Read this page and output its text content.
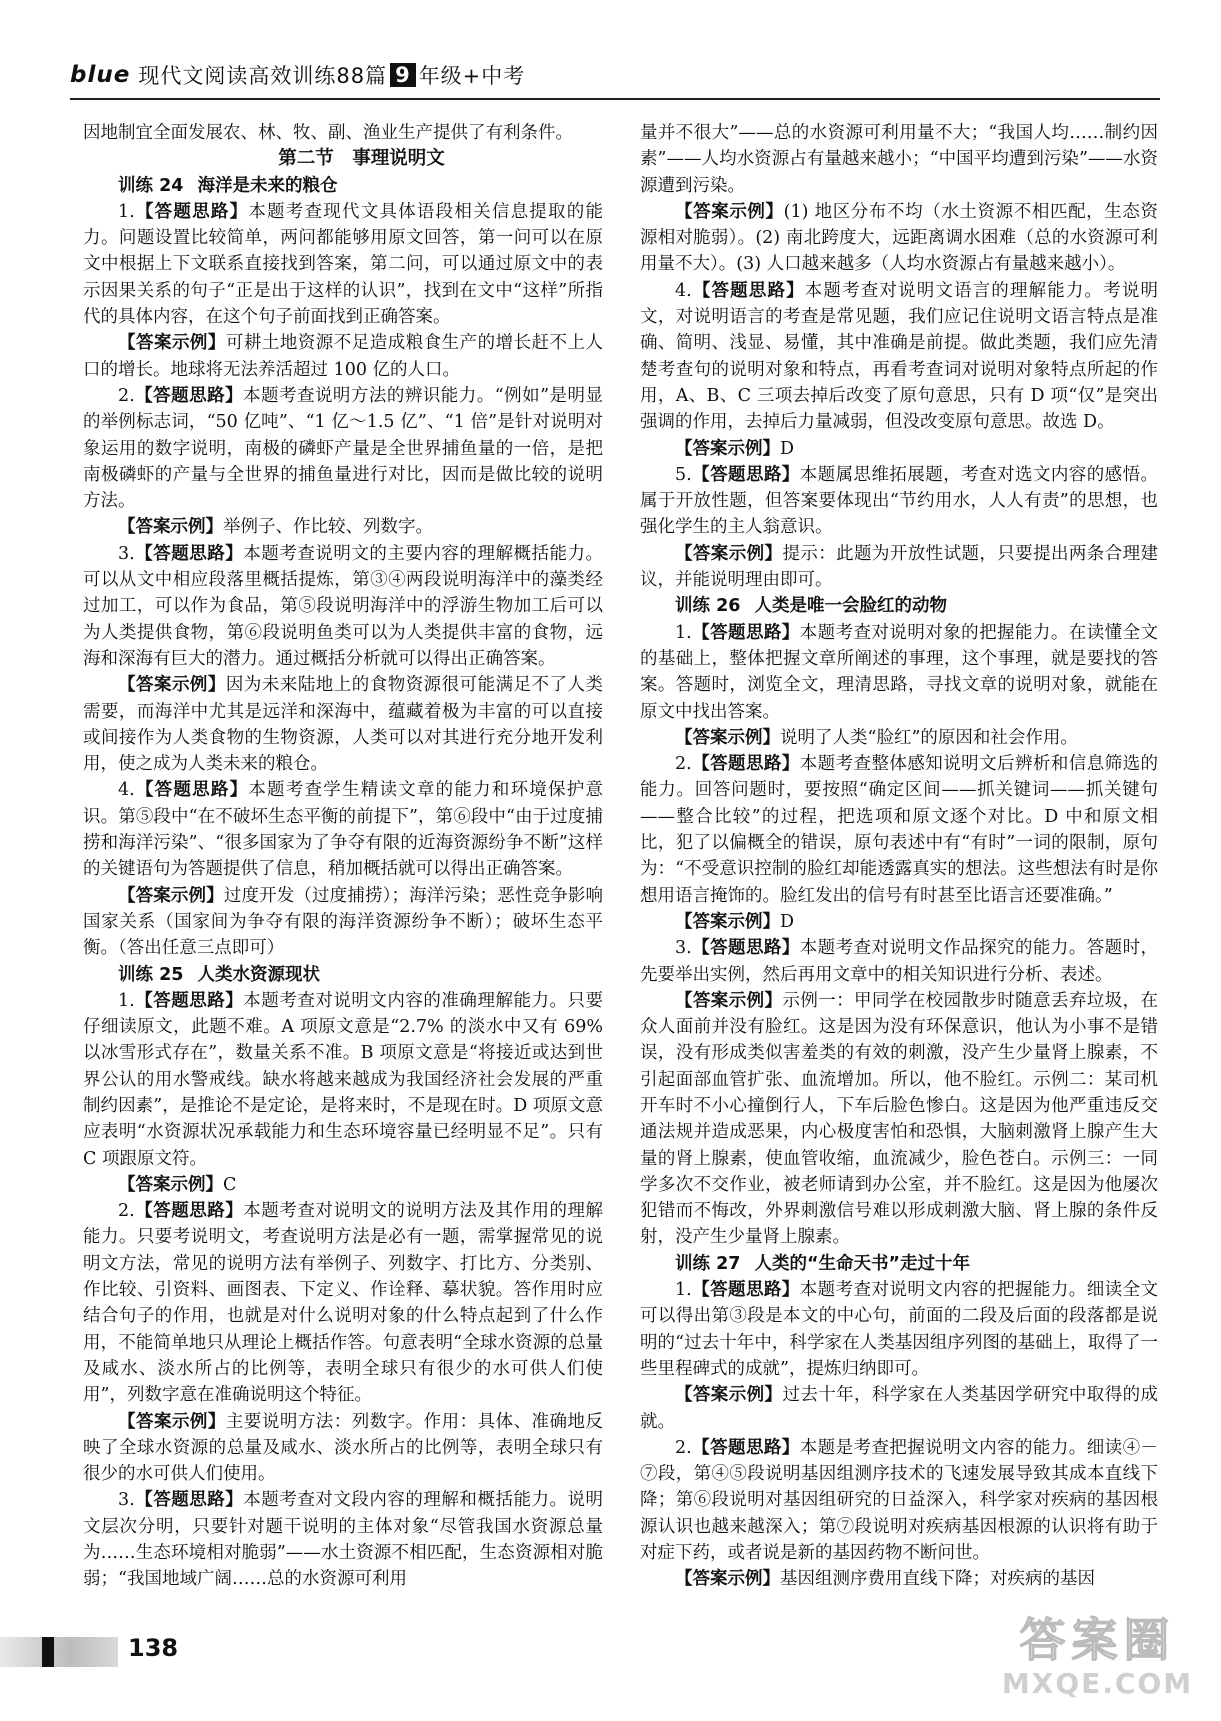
blue 现代文阅读高效训练88篇 9 年级+中考

因地制宜全面发展农、林、牧、副、渔业生产提供了有利条件。

第二节　事理说明文

训练 24 海洋是未来的粮仓

1.【答题思路】本题考查现代文具体语段相关信息提取的能力。问题设置比较简单，两问都能够用原文回答，第一问可以在原文中根据上下文联系直接找到答案，第二问，可以通过原文中的表示因果关系的句子“正是出于这样的认识”，找到在文中“这样”所指代的具体内容，在这个句子前面找到正确答案。

【答案示例】可耕土地资源不足造成粮食生产的增长赶不上人口的增长。地球将无法养活超过 100 亿的人口。

2.【答题思路】本题考查说明方法的辨识能力。“例如”是明显的举例标志词，“50 亿吨”、“1 亿～1.5 亿”、“1 倍”是针对说明对象运用的数字说明，南极的磷虾产量是全世界捕鱼量的一倍，是把南极磷虾的产量与全世界的捕鱼量进行对比，因而是做比较的说明方法。

【答案示例】举例子、作比较、列数字。

3.【答题思路】本题考查说明文的主要内容的理解概括能力。可以从文中相应段落里概括提炼，第③④两段说明海洋中的藻类经过加工，可以作为食品，第⑤段说明海洋中的浮游生物加工后可以为人类提供食物，第⑥段说明鱼类可以为人类提供丰富的食物，远海和深海有巨大的潜力。通过概括分析就可以得出正确答案。

【答案示例】因为未来陆地上的食物资源很可能满足不了人类需要，而海洋中尤其是远洋和深海中，蕴藏着极为丰富的可以直接或间接作为人类食物的生物资源，人类可以对其进行充分地开发利用，使之成为人类未来的粮仓。

4.【答题思路】本题考查学生精读文章的能力和环境保护意识。第⑤段中“在不破坏生态平衡的前提下”，第⑥段中“由于过度捕捞和海洋污染”、“很多国家为了争夺有限的近海资源纷争不断”这样的关键语句为答题提供了信息，稍加概括就可以得出正确答案。

【答案示例】过度开发（过度捕捞）；海洋污染；恶性竞争影响国家关系（国家间为争夺有限的海洋资源纷争不断）；破坏生态平衡。（答出任意三点即可）

训练 25 人类水资源现状

1.【答题思路】本题考查对说明文内容的准确理解能力。只要仔细读原文，此题不难。A 项原文意是“2.7% 的淡水中又有 69% 以冰雪形式存在”，数量关系不准。B 项原文意是“将接近或达到世界公认的用水警戒线。缺水将越来越成为我国经济社会发展的严重制约因素”，是推论不是定论，是将来时，不是现在时。D 项原文意应表明“水资源状况承载能力和生态环境容量已经明显不足”。只有 C 项跟原文符。

【答案示例】C

2.【答题思路】本题考查对说明文的说明方法及其作用的理解能力。只要考说明文，考查说明方法是必有一题，需掌握常见的说明文方法，常见的说明方法有举例子、列数字、打比方、分类别、作比较、引资料、画图表、下定义、作诠释、摹状貌。答作用时应结合句子的作用，也就是对什么说明对象的什么特点起到了什么作用，不能简单地只从理论上概括作答。句意表明“全球水资源的总量及咸水、淡水所占的比例等，表明全球只有很少的水可供人们使用”，列数字意在准确说明这个特征。

【答案示例】主要说明方法：列数字。作用：具体、准确地反映了全球水资源的总量及咸水、淡水所占的比例等，表明全球只有很少的水可供人们使用。

3.【答题思路】本题考查对文段内容的理解和概括能力。说明文层次分明，只要针对题干说明的主体对象“尽管我国水资源总量为……生态环境相对脆弱”——水土资源不相匹配，生态资源相对脆弱；“我国地域广阔……总的水资源可利用

量并不很大”——总的水资源可利用量不大；“我国人均……制约因素”——人均水资源占有量越来越小；“中国平均遭到污染”——水资源遭到污染。

【答案示例】(1) 地区分布不均（水土资源不相匹配，生态资源相对脆弱）。(2) 南北跨度大，远距离调水困难（总的水资源可利用量不大）。(3) 人口越来越多（人均水资源占有量越来越小）。

4.【答题思路】本题考查对说明文语言的理解能力。考说明文，对说明语言的考查是常见题，我们应记住说明文语言特点是准确、简明、浅显、易懂，其中准确是前提。做此类题，我们应先清楚考查句的说明对象和特点，再看考查词对说明对象特点所起的作用，A、B、C 三项去掉后改变了原句意思，只有 D 项“仅”是突出强调的作用，去掉后力量减弱，但没改变原句意思。故选 D。

【答案示例】D

5.【答题思路】本题属思维拓展题，考查对选文内容的感悟。属于开放性题，但答案要体现出“节约用水，人人有责”的思想，也强化学生的主人翁意识。

【答案示例】提示：此题为开放性试题，只要提出两条合理建议，并能说明理由即可。

训练 26 人类是唯一会脸红的动物

1.【答题思路】本题考查对说明对象的把握能力。在读懂全文的基础上，整体把握文章所阐述的事理，这个事理，就是要找的答案。答题时，浏览全文，理清思路，寻找文章的说明对象，就能在原文中找出答案。

【答案示例】说明了人类“脸红”的原因和社会作用。

2.【答题思路】本题考查整体感知说明文后辨析和信息筛选的能力。回答问题时，要按照“确定区间——抓关键词——抓关键句——整合比较”的过程，把选项和原文逐个对比。D 中和原文相比，犯了以偏概全的错误，原句表述中有“有时”一词的限制，原句为：“不受意识控制的脸红却能透露真实的想法。这些想法有时是你想用语言掩饰的。脸红发出的信号有时甚至比语言还要准确。”

【答案示例】D

3.【答题思路】本题考查对说明文作品探究的能力。答题时，先要举出实例，然后再用文章中的相关知识进行分析、表述。

【答案示例】示例一：甲同学在校园散步时随意丢弃垃圾，在众人面前并没有脸红。这是因为没有环保意识，他认为小事不是错误，没有形成类似害羞类的有效的刺激，没产生少量肾上腺素，不引起面部血管扩张、血流增加。所以，他不脸红。示例二：某司机开车时不小心撞倒行人，下车后脸色惨白。这是因为他严重违反交通法规并造成恶果，内心极度害怕和恐惧，大脑刺激肾上腺产生大量的肾上腺素，使血管收缩，血流减少，脸色苍白。示例三：一同学多次不交作业，被老师请到办公室，并不脸红。这是因为他屡次犯错而不悔改，外界刺激信号难以形成刺激大脑、肾上腺的条件反射，没产生少量肾上腺素。

训练 27 人类的“生命天书”走过十年

1.【答题思路】本题考查对说明文内容的把握能力。细读全文可以得出第③段是本文的中心句，前面的二段及后面的段落都是说明的“过去十年中，科学家在人类基因组序列图的基础上，取得了一些里程碑式的成就”，提炼归纳即可。

【答案示例】过去十年，科学家在人类基因学研究中取得的成就。

2.【答题思路】本题是考查把握说明文内容的能力。细读④－⑦段，第④⑤段说明基因组测序技术的飞速发展导致其成本直线下降；第⑥段说明对基因组研究的日益深入，科学家对疾病的基因根源认识也越来越深入；第⑦段说明对疾病基因根源的认识将有助于对症下药，或者说是新的基因药物不断问世。

【答案示例】基因组测序费用直线下降；对疾病的基因

138	答案圈
MXQE.COM
